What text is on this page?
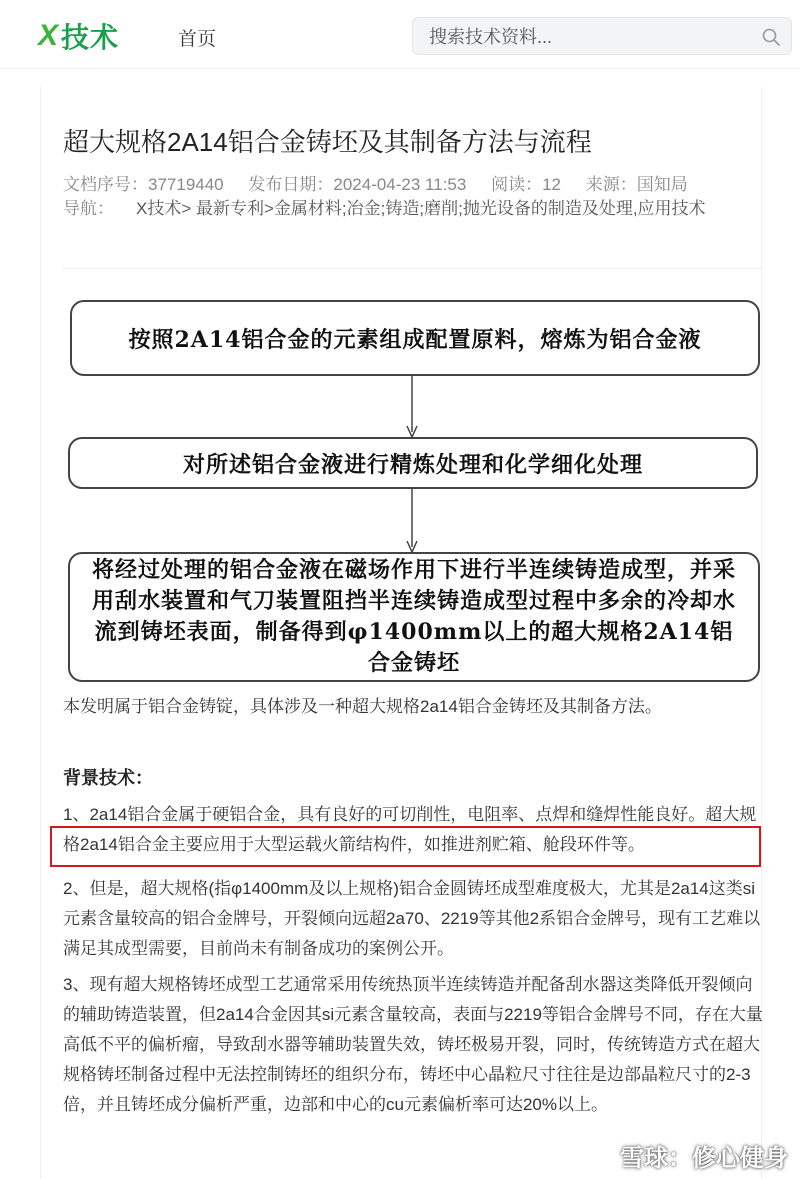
X 技术	首页
搜索技术资料...
超大规格2A14铝合金铸坯及其制备方法与流程
文档序号：37719440 发布日期：2024-04-23 11:53 阅读：12 来源：国知局
导航： X技术> 最新专利>金属材料;冶金;铸造;磨削;抛光设备的制造及处理,应用技术
按照2A14铝合金的元素组成配置原料，熔炼为铝合金液
对所述铝合金液进行精炼处理和化学细化处理
将经过处理的铝合金液在磁场作用下进行半连续铸造成型，并采用刮水装置和气刀装置阻挡半连续铸造成型过程中多余的冷却水流到铸坯表面，制备得到φ1400mm以上的超大规格2A14铝合金铸坯

本发明属于铝合金铸锭，具体涉及一种超大规格2a14铝合金铸坯及其制备方法。

背景技术：

1、2a14铝合金属于硬铝合金，具有良好的可切削性，电阻率、点焊和缝焊性能良好。超大规格2a14铝合金主要应用于大型运载火箭结构件，如推进剂贮箱、舱段环件等。

2、但是，超大规格(指φ1400mm及以上规格)铝合金圆铸坯成型难度极大，尤其是2a14这类si元素含量较高的铝合金牌号，开裂倾向远超2a70、2219等其他2系铝合金牌号，现有工艺难以满足其成型需要，目前尚未有制备成功的案例公开。

3、现有超大规格铸坯成型工艺通常采用传统热顶半连续铸造并配备刮水器这类降低开裂倾向的辅助铸造装置，但2a14合金因其si元素含量较高，表面与2219等铝合金牌号不同，存在大量高低不平的偏析瘤，导致刮水器等辅助装置失效，铸坯极易开裂，同时，传统铸造方式在超大规格铸坯制备过程中无法控制铸坯的组织分布，铸坯中心晶粒尺寸往往是边部晶粒尺寸的2-3倍，并且铸坯成分偏析严重，边部和中心的cu元素偏析率可达20%以上。

雪球：修心健身
